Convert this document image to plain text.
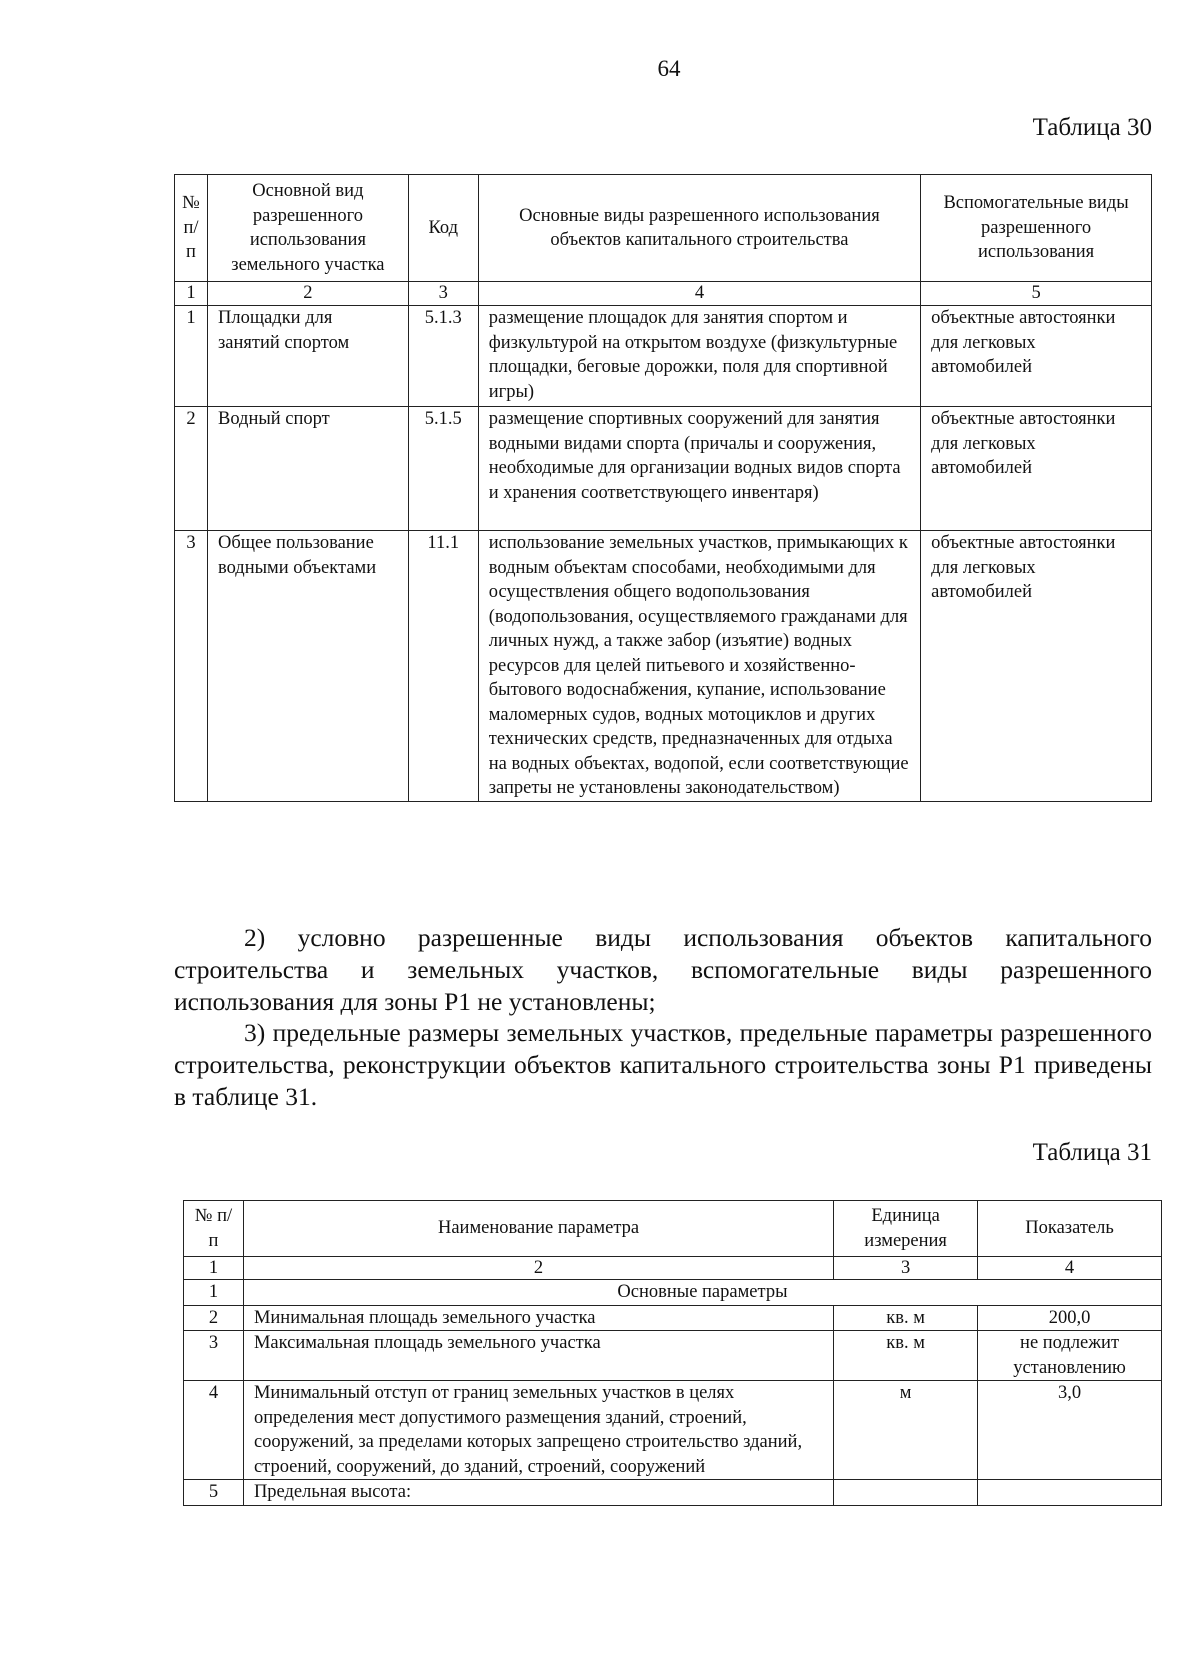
64
Таблица 30
№ п/п	Основной вид разрешенного использования земельного участка	Код	Основные виды разрешенного использования объектов капитального строительства	Вспомогательные виды разрешенного использования
1	2	3	4	5
1	Площадки для занятий спортом	5.1.3	размещение площадок для занятия спортом и физкультурой на открытом воздухе (физкультурные площадки, беговые дорожки, поля для спортивной игры)	объектные автостоянки для легковых автомобилей
2	Водный спорт	5.1.5	размещение спортивных сооружений для занятия водными видами спорта (причалы и сооружения, необходимые для организации водных видов спорта и хранения соответствующего инвентаря)	объектные автостоянки для легковых автомобилей
3	Общее пользование водными объектами	11.1	использование земельных участков, примыкающих к водным объектам способами, необходимыми для осуществления общего водопользования (водопользования, осуществляемого гражданами для личных нужд, а также забор (изъятие) водных ресурсов для целей питьевого и хозяйственно-бытового водоснабжения, купание, использование маломерных судов, водных мотоциклов и других технических средств, предназначенных для отдыха на водных объектах, водопой, если соответствующие запреты не установлены законодательством)	объектные автостоянки для легковых автомобилей

2) условно разрешенные виды использования объектов капитального строительства и земельных участков, вспомогательные виды разрешенного использования для зоны Р1 не установлены;

3) предельные размеры земельных участков, предельные параметры разрешенного строительства, реконструкции объектов капитального строительства зоны Р1 приведены в таблице 31.

Таблица 31
№ п/п	Наименование параметра	Единица измерения	Показатель
1	2	3	4
1	Основные параметры		
2	Минимальная площадь земельного участка	кв. м	200,0
3	Максимальная площадь земельного участка	кв. м	не подлежит установлению
4	Минимальный отступ от границ земельных участков в целях определения мест допустимого размещения зданий, строений, сооружений, за пределами которых запрещено строительство зданий, строений, сооружений, до зданий, строений, сооружений	м	3,0
5	Предельная высота:		
